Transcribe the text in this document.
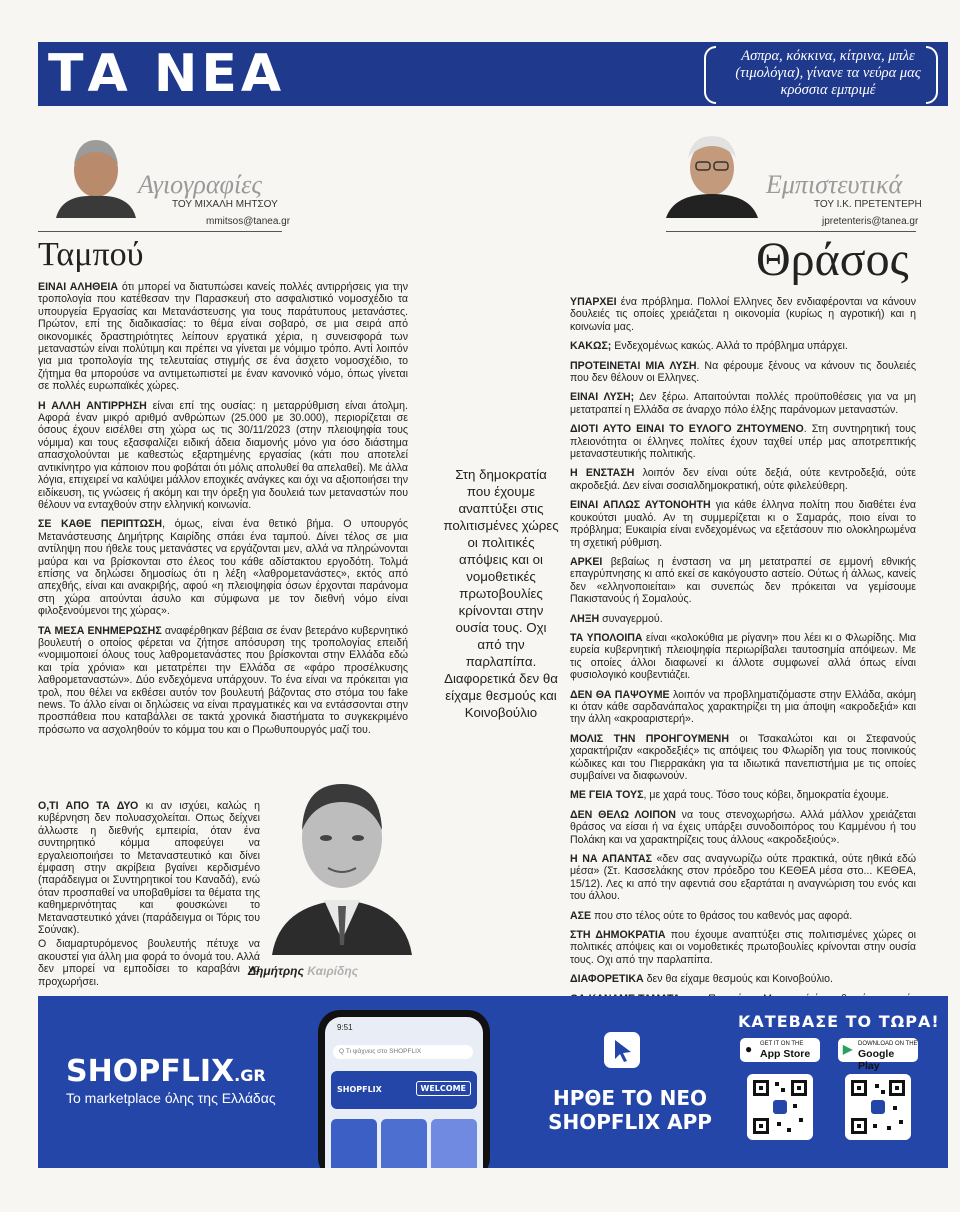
ΤΑ ΝΕΑ	Ασπρα, κόκκινα, κίτρινα, μπλε (τιμολόγια), γίνανε τα νεύρα μας κρόσσια εμπριμέ
Αγιογραφίες
ΤΟΥ ΜΙΧΑΛΗ ΜΗΤΣΟΥ
mmitsos@tanea.gr
Ταμπού
Εμπιστευτικά
ΤΟΥ Ι.Κ. ΠΡΕΤΕΝΤΕΡΗ
jpretenteris@tanea.gr
Θράσος

ΕΙΝΑΙ ΑΛΗΘΕΙΑ ότι μπορεί να διατυπώσει κανείς πολλές αντιρρήσεις για την τροπολογία που κατέθεσαν την Παρασκευή στο ασφαλιστικό νομοσχέδιο τα υπουργεία Εργασίας και Μετανάστευσης για τους παράτυπους μετανάστες. Πρώτον, επί της διαδικασίας: το θέμα είναι σοβαρό, σε μια σειρά από οικονομικές δραστηριότητες λείπουν εργατικά χέρια, η συνεισφορά των μεταναστών είναι πολύτιμη και πρέπει να γίνεται με νόμιμο τρόπο. Αντί λοιπόν για μια τροπολογία της τελευταίας στιγμής σε ένα άσχετο νομοσχέδιο, το ζήτημα θα μπορούσε να αντιμετωπιστεί με έναν κανονικό νόμο, όπως γίνεται σε πολλές ευρωπαϊκές χώρες.

Η ΑΛΛΗ ΑΝΤΙΡΡΗΣΗ είναι επί της ουσίας: η μεταρρύθμιση είναι άτολμη. Αφορά έναν μικρό αριθμό ανθρώπων (25.000 με 30.000), περιορίζεται σε όσους έχουν εισέλθει στη χώρα ως τις 30/11/2023 (στην πλειοψηφία τους νόμιμα) και τους εξασφαλίζει ειδική άδεια διαμονής μόνο για όσο διάστημα απασχολούνται με καθεστώς εξαρτημένης εργασίας (κάτι που αποτελεί αντικίνητρο για κάποιον που φοβάται ότι μόλις απολυθεί θα απελαθεί). Με άλλα λόγια, επιχειρεί να καλύψει μάλλον εποχικές ανάγκες και όχι να αξιοποιήσει την ειδίκευση, τις γνώσεις ή ακόμη και την όρεξη για δουλειά των μεταναστών που θέλουν να ενταχθούν στην ελληνική κοινωνία.

ΣΕ ΚΑΘΕ ΠΕΡΙΠΤΩΣΗ, όμως, είναι ένα θετικό βήμα. Ο υπουργός Μετανάστευσης Δημήτρης Καιρίδης σπάει ένα ταμπού. Δίνει τέλος σε μια αντίληψη που ήθελε τους μετανάστες να εργάζονται μεν, αλλά να πληρώνονται μαύρα και να βρίσκονται στο έλεος του κάθε αδίστακτου εργοδότη. Τολμά επίσης να δηλώσει δημοσίως ότι η λέξη «λαθρομετανάστες», εκτός από απεχθής, είναι και ανακριβής, αφού «η πλειοψηφία όσων έρχονται παράνομα στη χώρα αιτούνται άσυλο και σύμφωνα με τον διεθνή νόμο είναι φιλοξενούμενοι της χώρας».

ΤΑ ΜΕΣΑ ΕΝΗΜΕΡΩΣΗΣ αναφέρθηκαν βέβαια σε έναν βετεράνο κυβερνητικό βουλευτή ο οποίος φέρεται να ζήτησε απόσυρση της τροπολογίας επειδή «νομιμοποιεί όλους τους λαθρομετανάστες που βρίσκονται στην Ελλάδα εδώ και τρία χρόνια» και μετατρέπει την Ελλάδα σε «φάρο προσέλκυσης λαθρομεταναστών». Δύο ενδεχόμενα υπάρχουν. Το ένα είναι να πρόκειται για τρολ, που θέλει να εκθέσει αυτόν τον βουλευτή βάζοντας στο στόμα του fake news. Το άλλο είναι οι δηλώσεις να είναι πραγματικές και να εντάσσονται στην προσπάθεια που καταβάλλει σε τακτά χρονικά διαστήματα το συγκεκριμένο πρόσωπο να ασχοληθούν το κόμμα του και ο Πρωθυπουργός μαζί του.

Ο,ΤΙ ΑΠΟ ΤΑ ΔΥΟ κι αν ισχύει, καλώς η κυβέρνηση δεν πολυασχολείται. Οπως δείχνει άλλωστε η διεθνής εμπειρία, όταν ένα συντηρητικό κόμμα αποφεύγει να εργαλειοποιήσει το Μεταναστευτικό και δίνει έμφαση στην ακρίβεια βγαίνει κερδισμένο (παράδειγμα οι Συντηρητικοί του Καναδά), ενώ όταν προσπαθεί να υποβαθμίσει τα θέματα της καθημερινότητας και φουσκώνει το Μεταναστευτικό χάνει (παράδειγμα οι Τόρις του Σούνακ).

Ο διαμαρτυρόμενος βουλευτής πέτυχε να ακουστεί για άλλη μια φορά το όνομά του. Αλλά δεν μπορεί να εμποδίσει το καραβάνι να προχωρήσει.

Στη δημοκρατία που έχουμε αναπτύξει στις πολιτισμένες χώρες οι πολιτικές απόψεις και οι νομοθετικές πρωτοβουλίες κρίνονται στην ουσία τους. Οχι από την παρλαπίπα. Διαφορετικά δεν θα είχαμε θεσμούς και Κοινοβούλιο
Δημήτρης Καιρίδης

ΥΠΑΡΧΕΙ ένα πρόβλημα. Πολλοί Ελληνες δεν ενδιαφέρονται να κάνουν δουλειές τις οποίες χρειάζεται η οικονομία (κυρίως η αγροτική) και η κοινωνία μας.

ΚΑΚΩΣ; Ενδεχομένως κακώς. Αλλά το πρόβλημα υπάρχει.

ΠΡΟΤΕΙΝΕΤΑΙ ΜΙΑ ΛΥΣΗ. Να φέρουμε ξένους να κάνουν τις δουλειές που δεν θέλουν οι Ελληνες.

ΕΙΝΑΙ ΛΥΣΗ; Δεν ξέρω. Απαιτούνται πολλές προϋποθέσεις για να μη μετατραπεί η Ελλάδα σε άναρχο πόλο έλξης παράνομων μεταναστών.

ΔΙΟΤΙ ΑΥΤΟ ΕΙΝΑΙ ΤΟ ΕΥΛΟΓΟ ΖΗΤΟΥΜΕΝΟ. Στη συντηρητική τους πλειονότητα οι έλληνες πολίτες έχουν ταχθεί υπέρ μας αποτρεπτικής μεταναστευτικής πολιτικής.

Η ΕΝΣΤΑΣΗ λοιπόν δεν είναι ούτε δεξιά, ούτε κεντροδεξιά, ούτε ακροδεξιά. Δεν είναι σοσιαλδημοκρατική, ούτε φιλελεύθερη.

ΕΙΝΑΙ ΑΠΛΩΣ ΑΥΤΟΝΟΗΤΗ για κάθε έλληνα πολίτη που διαθέτει ένα κουκούτσι μυαλό. Αν τη συμμερίζεται κι ο Σαμαράς, ποιο είναι το πρόβλημα; Ευκαιρία είναι ενδεχομένως να εξετάσουν πιο ολοκληρωμένα τη σχετική ρύθμιση.

ΑΡΚΕΙ βεβαίως η ένσταση να μη μετατραπεί σε εμμονή εθνικής επαγρύπνησης κι από εκεί σε κακόγουστο αστείο. Ούτως ή άλλως, κανείς δεν «ελληνοποιείται» και συνεπώς δεν πρόκειται να γεμίσουμε Πακιστανούς ή Σομαλούς.

ΛΗΞΗ συναγερμού.

ΤΑ ΥΠΟΛΟΙΠΑ είναι «κολοκύθια με ρίγανη» που λέει κι ο Φλωρίδης. Μια ευρεία κυβερνητική πλειοψηφία περιωρίβαλει ταυτοσημία απόψεων. Με τις οποίες άλλοι διαφωνεί κι άλλοτε συμφωνεί αλλά όπως είναι φυσιολογικό κουβεντιάζει.

ΔΕΝ ΘΑ ΠΑΨΟΥΜΕ λοιπόν να προβληματιζόμαστε στην Ελλάδα, ακόμη κι όταν κάθε σαρδανάπαλος χαρακτηρίζει τη μια άποψη «ακροδεξιά» και την άλλη «ακροαριστερή».

ΜΟΛΙΣ ΤΗΝ ΠΡΟΗΓΟΥΜΕΝΗ οι Τσακαλώτοι και οι Στεφανούς χαρακτήριζαν «ακροδεξιές» τις απόψεις του Φλωρίδη για τους ποινικούς κώδικες και του Πιερρακάκη για τα ιδιωτικά πανεπιστήμια με τις οποίες συμβαίνει να διαφωνούν.

ΜΕ ΓΕΙΑ ΤΟΥΣ, με χαρά τους. Τόσο τους κόβει, δημοκρατία έχουμε.

ΔΕΝ ΘΕΛΩ ΛΟΙΠΟΝ να τους στενοχωρήσω. Αλλά μάλλον χρειάζεται θράσος να είσαι ή να έχεις υπάρξει συνοδοιπόρος του Καμμένου ή του Πολάκη και να χαρακτηρίζεις τους άλλους «ακροδεξιούς».

Η ΝΑ ΑΠΑΝΤΑΣ «δεν σας αναγνωρίζω ούτε πρακτικά, ούτε ηθικά εδώ μέσα» (Στ. Κασσελάκης στον πρόεδρο του ΚΕΘΕΑ μέσα στο... ΚΕΘΕΑ, 15/12). Λες κι από την αφεντιά σου εξαρτάται η αναγνώριση του ενός και του άλλου.

ΑΣΕ που στο τέλος ούτε το θράσος του καθενός μας αφορά.

ΣΤΗ ΔΗΜΟΚΡΑΤΙΑ που έχουμε αναπτύξει στις πολιτισμένες χώρες οι πολιτικές απόψεις και οι νομοθετικές πρωτοβουλίες κρίνονται στην ουσία τους. Οχι από την παρλαπίπα.

ΔΙΑΦΟΡΕΤΙΚΑ δεν θα είχαμε θεσμούς και Κοινοβούλιο.

SHOPFLIX.GR
To marketplace όλης της Ελλάδας
9:51
Q Τι ψάχνεις στο SHOPFLIX
SHOPFLIX	WELCOME	ΗΡΘΕ ΤΟ ΝΕΟ
SHOPFLIX APP
ΚΑΤΕΒΑΣΕ ΤΟ ΤΩΡΑ!
● GET IT ON THE
App Store	▶ DOWNLOAD ON THE
Google Play
